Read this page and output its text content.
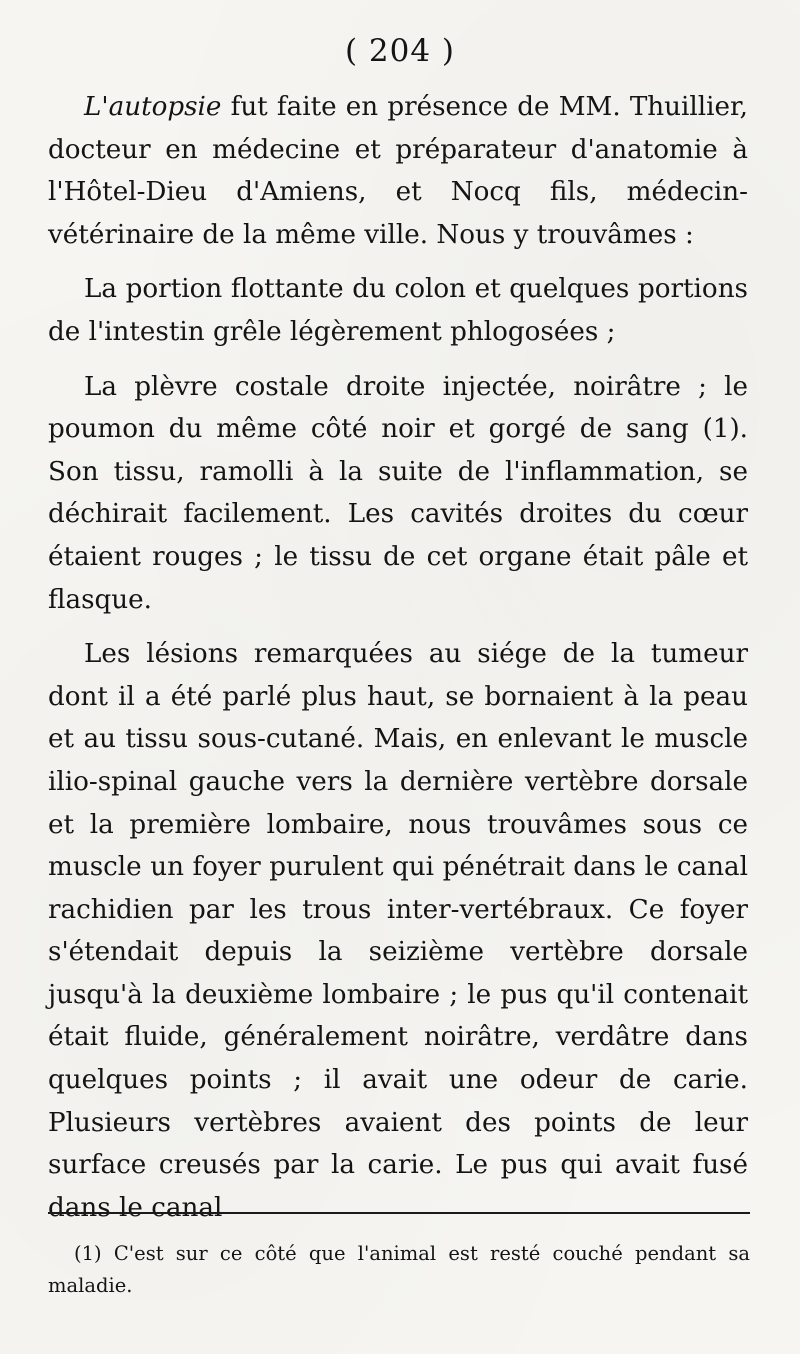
( 204 )

L'autopsie fut faite en présence de MM. Thuillier, docteur en médecine et préparateur d'anatomie à l'Hôtel-Dieu d'Amiens, et Nocq fils, médecin-vétérinaire de la même ville. Nous y trouvâmes :

La portion flottante du colon et quelques portions de l'intestin grêle légèrement phlogosées ;

La plèvre costale droite injectée, noirâtre ; le poumon du même côté noir et gorgé de sang (1). Son tissu, ramolli à la suite de l'inflammation, se déchirait facilement. Les cavités droites du cœur étaient rouges ; le tissu de cet organe était pâle et flasque.

Les lésions remarquées au siége de la tumeur dont il a été parlé plus haut, se bornaient à la peau et au tissu sous-cutané. Mais, en enlevant le muscle ilio-spinal gauche vers la dernière vertèbre dorsale et la première lombaire, nous trouvâmes sous ce muscle un foyer purulent qui pénétrait dans le canal rachidien par les trous inter-vertébraux. Ce foyer s'étendait depuis la seizième vertèbre dorsale jusqu'à la deuxième lombaire ; le pus qu'il contenait était fluide, généralement noirâtre, verdâtre dans quelques points ; il avait une odeur de carie. Plusieurs vertèbres avaient des points de leur surface creusés par la carie. Le pus qui avait fusé dans le canal

(1) C'est sur ce côté que l'animal est resté couché pendant sa maladie.
